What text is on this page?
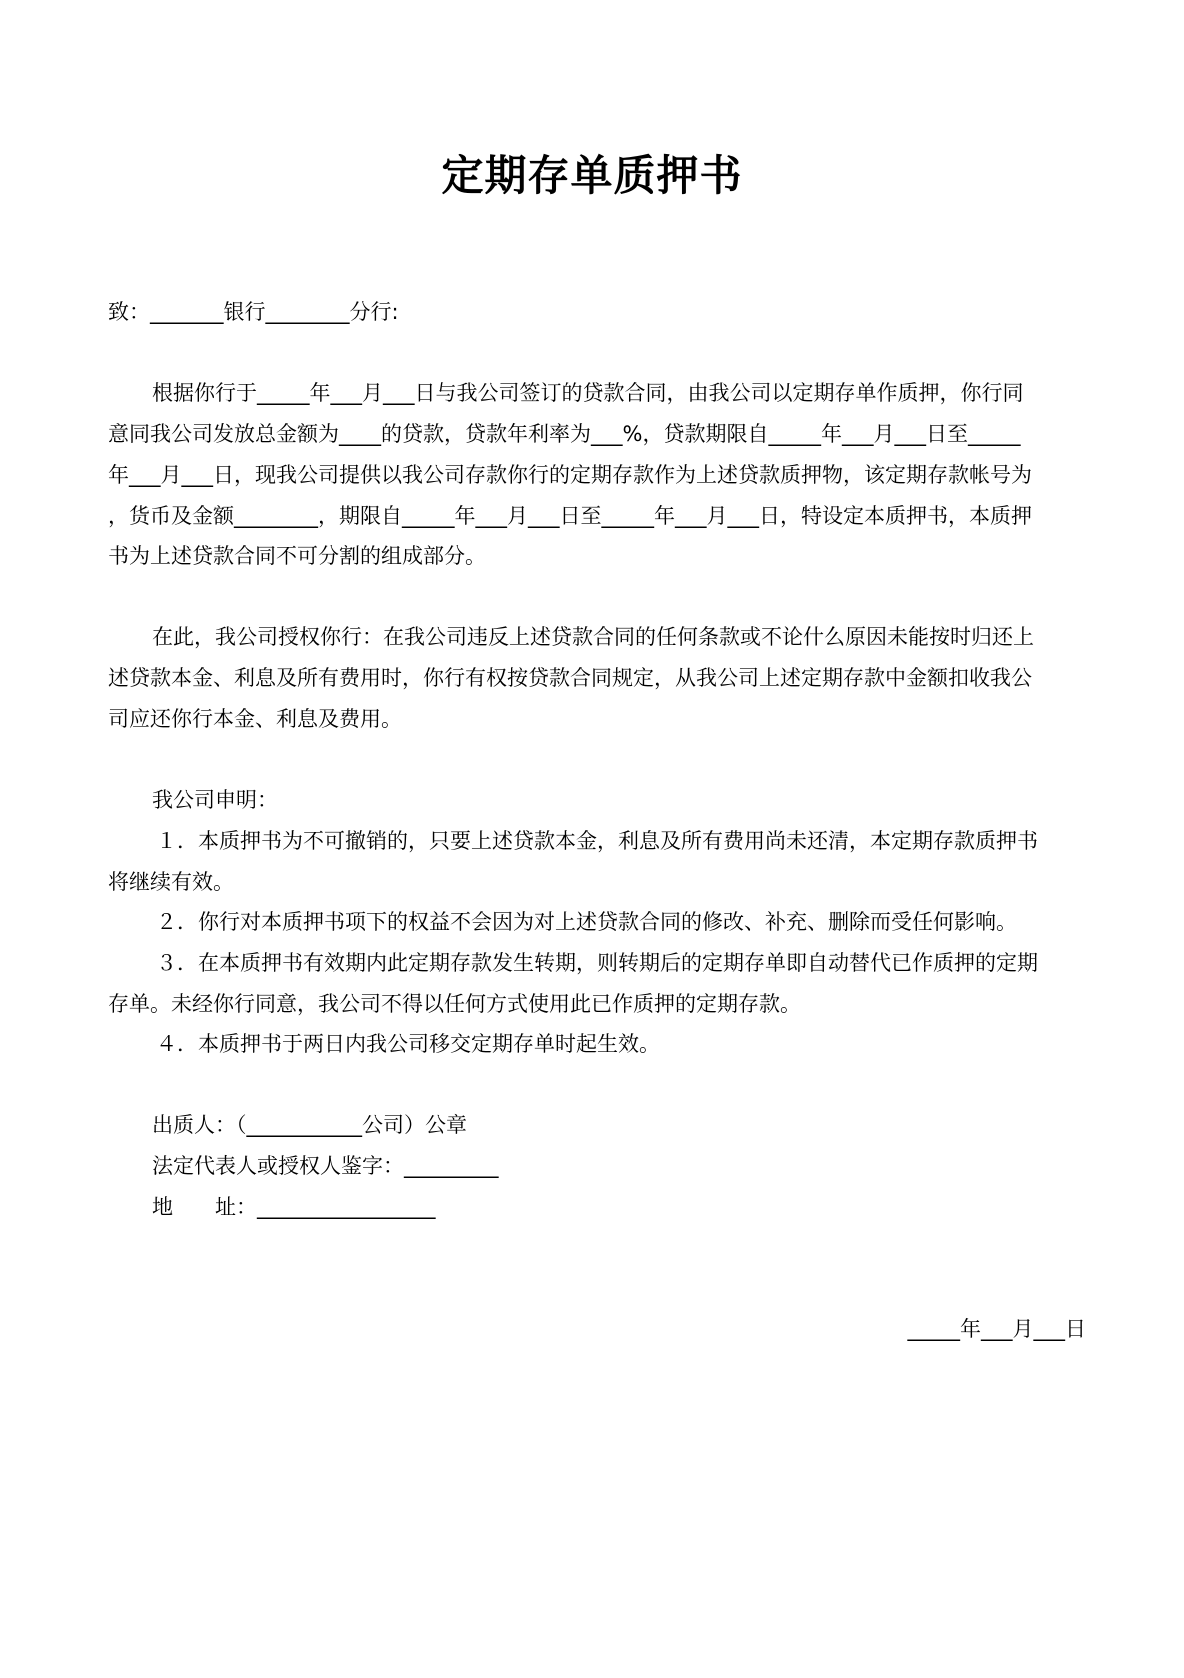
定期存单质押书
致：_______银行________分行:
根据你行于_____年___月___日与我公司签订的贷款合同，由我公司以定期存单作质押，你行同
意同我公司发放总金额为____的贷款，贷款年利率为___%，贷款期限自_____年___月___日至_____
年___月___日，现我公司提供以我公司存款你行的定期存款作为上述贷款质押物，该定期存款帐号为
，货币及金额________，期限自_____年___月___日至_____年___月___日，特设定本质押书，本质押
书为上述贷款合同不可分割的组成部分。
在此，我公司授权你行：在我公司违反上述贷款合同的任何条款或不论什么原因未能按时归还上
述贷款本金、利息及所有费用时，你行有权按贷款合同规定，从我公司上述定期存款中金额扣收我公
司应还你行本金、利息及费用。
我公司申明：
１．本质押书为不可撤销的，只要上述贷款本金，利息及所有费用尚未还清，本定期存款质押书
将继续有效。
２．你行对本质押书项下的权益不会因为对上述贷款合同的修改、补充、删除而受任何影响。
３．在本质押书有效期内此定期存款发生转期，则转期后的定期存单即自动替代已作质押的定期
存单。未经你行同意，我公司不得以任何方式使用此已作质押的定期存款。
４．本质押书于两日内我公司移交定期存单时起生效。
出质人：（___________公司）公章
法定代表人或授权人鉴字：_________
地　　址：_________________
_____年___月___日
